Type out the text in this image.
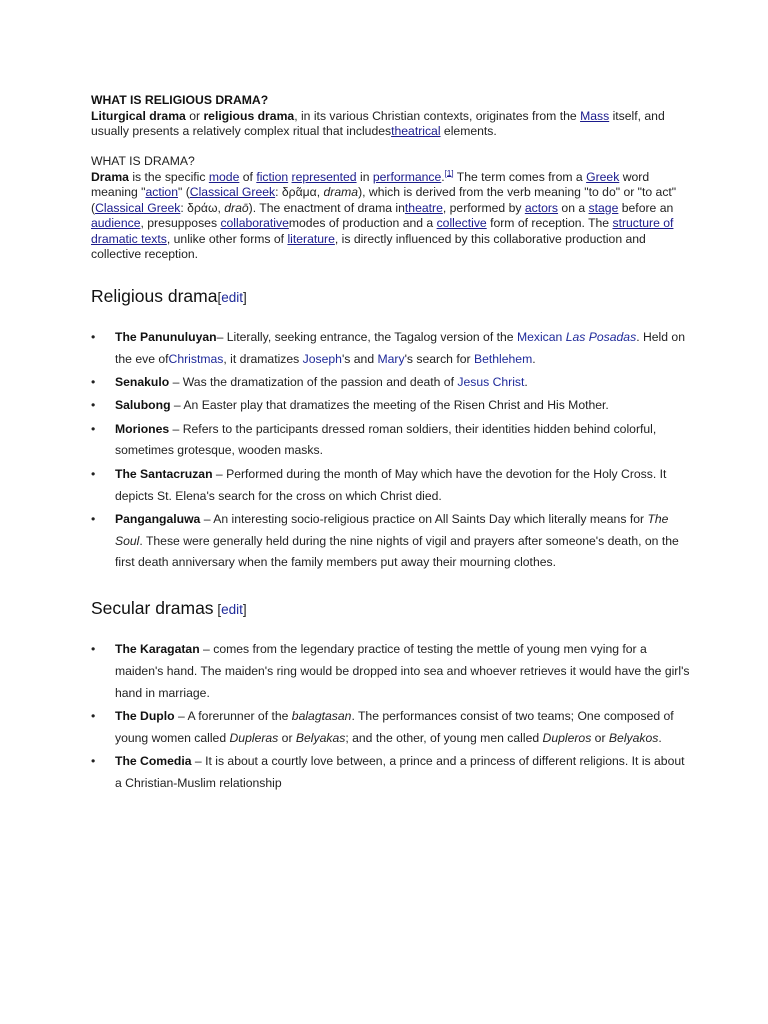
WHAT IS RELIGIOUS DRAMA?

Liturgical drama or religious drama, in its various Christian contexts, originates from the Mass itself, and usually presents a relatively complex ritual that includestheatrical elements.

WHAT IS DRAMA?

Drama is the specific mode of fiction represented in performance.[1] The term comes from a Greek word meaning "action" (Classical Greek: δρᾶμα, drama), which is derived from the verb meaning "to do" or "to act" (Classical Greek: δράω, draō). The enactment of drama intheatre, performed by actors on a stage before an audience, presupposes collaborativemodes of production and a collective form of reception. The structure of dramatic texts, unlike other forms of literature, is directly influenced by this collaborative production and collective reception.

Religious drama[edit]
• The Panunuluyan– Literally, seeking entrance, the Tagalog version of the Mexican Las Posadas. Held on the eve ofChristmas, it dramatizes Joseph's and Mary's search for Bethlehem.
• Senakulo – Was the dramatization of the passion and death of Jesus Christ.
• Salubong – An Easter play that dramatizes the meeting of the Risen Christ and His Mother.
• Moriones – Refers to the participants dressed roman soldiers, their identities hidden behind colorful, sometimes grotesque, wooden masks.
• The Santacruzan – Performed during the month of May which have the devotion for the Holy Cross. It depicts St. Elena's search for the cross on which Christ died.
• Pangangaluwa – An interesting socio-religious practice on All Saints Day which literally means for The Soul. These were generally held during the nine nights of vigil and prayers after someone's death, on the first death anniversary when the family members put away their mourning clothes.
Secular dramas [edit]
• The Karagatan – comes from the legendary practice of testing the mettle of young men vying for a maiden's hand. The maiden's ring would be dropped into sea and whoever retrieves it would have the girl's hand in marriage.
• The Duplo – A forerunner of the balagtasan. The performances consist of two teams; One composed of young women called Dupleras or Belyakas; and the other, of young men called Dupleros or Belyakos.
• The Comedia – It is about a courtly love between, a prince and a princess of different religions. It is about a Christian-Muslim relationship
